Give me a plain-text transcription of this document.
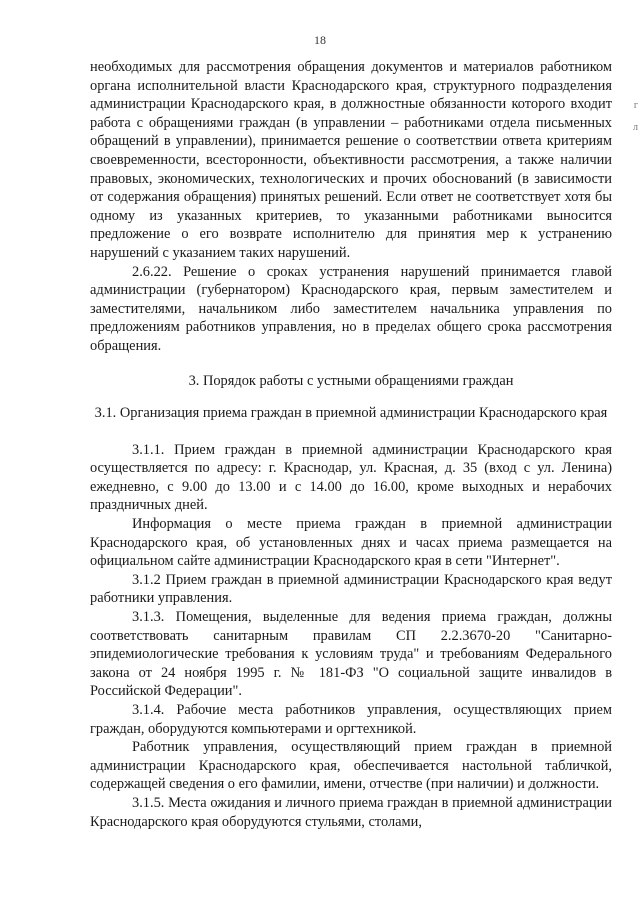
18

необходимых для рассмотрения обращения документов и материалов работником органа исполнительной власти Краснодарского края, структурного подразделения администрации Краснодарского края, в должностные обязанности которого входит работа с обращениями граждан (в управлении – работниками отдела письменных обращений в управлении), принимается решение о соответствии ответа критериям своевременности, всесторонности, объективности рассмотрения, а также наличии правовых, экономических, технологических и прочих обоснований (в зависимости от содержания обращения) принятых решений. Если ответ не соответствует хотя бы одному из указанных критериев, то указанными работниками выносится предложение о его возврате исполнителю для принятия мер к устранению нарушений с указанием таких нарушений.

2.6.22. Решение о сроках устранения нарушений принимается главой администрации (губернатором) Краснодарского края, первым заместителем и заместителями, начальником либо заместителем начальника управления по предложениям работников управления, но в пределах общего срока рассмотрения обращения.

3. Порядок работы с устными обращениями граждан

3.1. Организация приема граждан в приемной администрации Краснодарского края

3.1.1. Прием граждан в приемной администрации Краснодарского края осуществляется по адресу: г. Краснодар, ул. Красная, д. 35 (вход с ул. Ленина) ежедневно, с 9.00 до 13.00 и с 14.00 до 16.00, кроме выходных и нерабочих праздничных дней.

Информация о месте приема граждан в приемной администрации Краснодарского края, об установленных днях и часах приема размещается на официальном сайте администрации Краснодарского края в сети "Интернет".

3.1.2 Прием граждан в приемной администрации Краснодарского края ведут работники управления.

3.1.3. Помещения, выделенные для ведения приема граждан, должны соответствовать санитарным правилам СП 2.2.3670-20 "Санитарно-эпидемиологические требования к условиям труда" и требованиям Федерального закона от 24 ноября 1995 г. № 181-ФЗ "О социальной защите инвалидов в Российской Федерации".

3.1.4. Рабочие места работников управления, осуществляющих прием граждан, оборудуются компьютерами и оргтехникой.

Работник управления, осуществляющий прием граждан в приемной администрации Краснодарского края, обеспечивается настольной табличкой, содержащей сведения о его фамилии, имени, отчестве (при наличии) и должности.

3.1.5. Места ожидания и личного приема граждан в приемной администрации Краснодарского края оборудуются стульями, столами,

г
л
